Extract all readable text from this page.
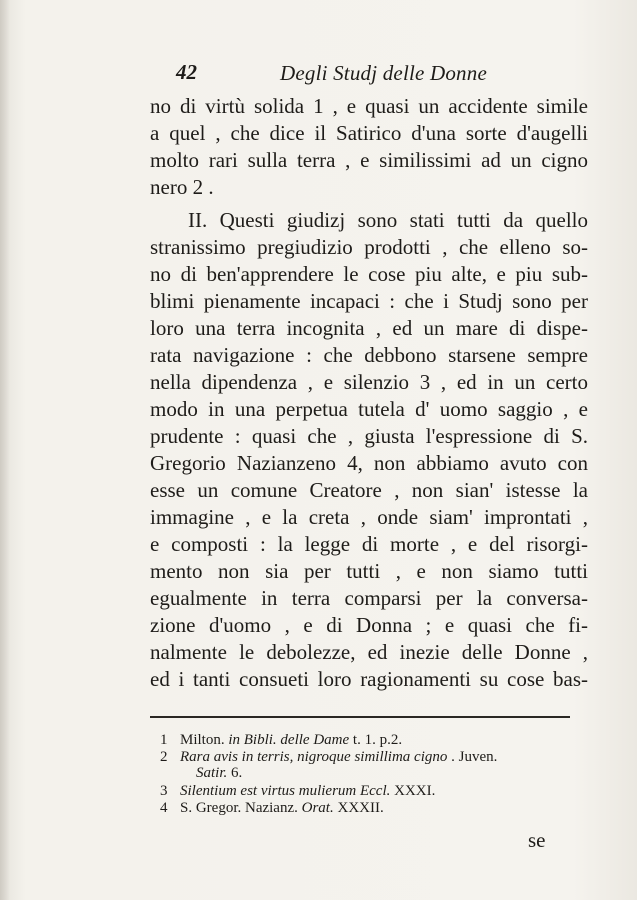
42	Degli Studj delle Donne

no di virtù solida 1 , e quasi un accidente simile

a quel , che dice il Satirico d'una sorte d'augelli

molto rari sulla terra , e similissimi ad un cigno

nero 2 .

II. Questi giudizj sono stati tutti da quello

stranissimo pregiudizio prodotti , che elleno so-

no di ben'apprendere le cose piu alte, e piu sub-

blimi pienamente incapaci : che i Studj sono per

loro una terra incognita , ed un mare di dispe-

rata navigazione : che debbono starsene sempre

nella dipendenza , e silenzio 3 , ed in un certo

modo in una perpetua tutela d' uomo saggio , e

prudente : quasi che , giusta l'espressione di S.

Gregorio Nazianzeno 4, non abbiamo avuto con

esse un comune Creatore , non sian' istesse la

immagine , e la creta , onde siam' improntati ,

e composti : la legge di morte , e del risorgi-

mento non sia per tutti , e non siamo tutti

egualmente in terra comparsi per la conversa-

zione d'uomo , e di Donna ; e quasi che fi-

nalmente le debolezze, ed inezie delle Donne ,

ed i tanti consueti loro ragionamenti su cose bas-

1 Milton. in Bibli. delle Dame t. 1. p.2.

2 Rara avis in terris, nigroque simillima cigno . Juven.

Satir. 6.

3 Silentium est virtus mulierum Eccl. XXXI.

4 S. Gregor. Nazianz. Orat. XXXII.

se
